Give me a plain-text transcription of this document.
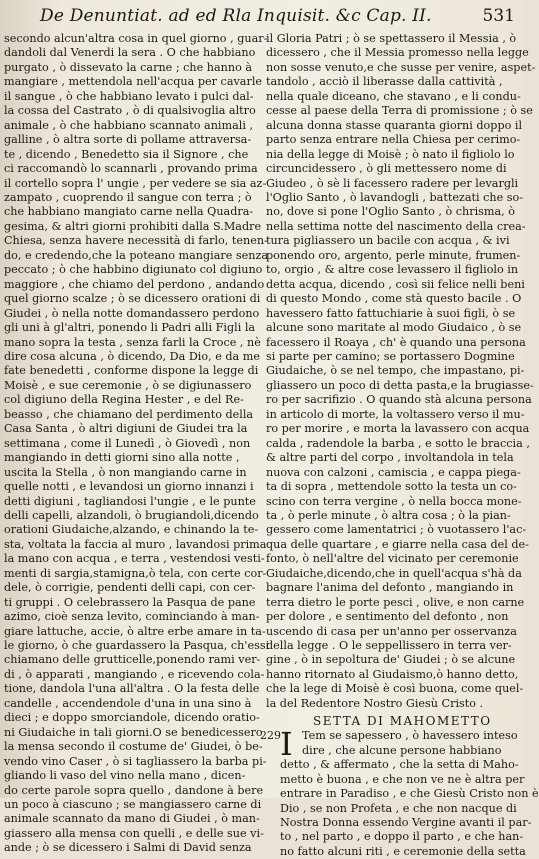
De Denuntiat. ad ed Rla Inquisit. &c Cap. II.	531
secondo alcun'altra cosa in quel giorno , guar-
dandoli dal Venerdi la sera . O che habbiano
purgato , ò dissevato la carne ; che hanno à
mangiare , mettendola nell'acqua per cavarle
il sangue , ò che habbiano levato i pulci dal-
la cossa del Castrato , ò di qualsivoglia altro
animale , ò che habbiano scannato animali ,
galline , ò altra sorte di pollame attraversa-
te , dicendo , Benedetto sia il Signore , che
ci raccomandò lo scannarli , provando prima
il cortello sopra l' ungie , per vedere se sia az-
zampato , cuoprendo il sangue con terra ; ò
che habbiano mangiato carne nella Quadra-
gesima, & altri giorni prohibiti dalla S.Madre
Chiesa, senza havere necessità di farlo, tenen-
do, e credendo,che la poteano mangiare senza
peccato ; ò che habbino digiunato col digiuno
maggiore , che chiamo del perdono , andando
quel giorno scalze ; ò se dicessero orationi di
Giudei , ò nella notte domandassero perdono
gli uni à gl'altri, ponendo li Padri alli Figli la
mano sopra la testa , senza farli la Croce , nè
dire cosa alcuna , ò dicendo, Da Dio, e da me
fate benedetti , conforme dispone la legge di
Moisè , e sue ceremonie , ò se digiunassero
col digiuno della Regina Hester , e del Re-
beasso , che chiamano del perdimento della
Casa Santa , ò altri digiuni de Giudei tra la
settimana , come il Lunedì , ò Giovedì , non
mangiando in detti giorni sino alla notte ,
uscita la Stella , ò non mangiando carne in
quelle notti , e levandosi un giorno innanzi i
detti digiuni , tagliandosi l'ungie , e le punte
delli capelli, alzandoli, ò brugiandoli,dicendo
orationi Giudaiche,alzando, e chinando la te-
sta, voltata la faccia al muro , lavandosi prima
la mano con acqua , e terra , vestendosi vesti-
menti di sargia,stamigna,ò tela, con certe cor-
dele, ò corrigie, pendenti delli capi, con cer-
ti gruppi . O celebrassero la Pasqua de pane
azimo, cioè senza levito, cominciando à man-
giare lattuche, accie, ò altre erbe amare in ta-
le giorno, ò che guardassero la Pasqua, ch'essi
chiamano delle grutticelle,ponendo rami ver-
di , ò apparati , mangiando , e ricevendo cola-
tione, dandola l'una all'altra . O la festa delle
candelle , accendendole d'una in una sino à
dieci ; e doppo smorciandole, dicendo oratio-
ni Giudaiche in tali giorni.O se benedicessero
la mensa secondo il costume de' Giudei, ò be-
vendo vino Caser , ò si tagliassero la barba pi-
gliando li vaso del vino nella mano , dicen-
do certe parole sopra quello , dandone à bere
un poco à ciascuno ; se mangiassero carne di
animale scannato da mano di Giudei , ò man-
giassero alla mensa con quelli , e delle sue vi-
ande ; ò se dicessero i Salmi di David senza
il Gloria Patri ; ò se spettassero il Messia , ò
dicessero , che il Messia promesso nella legge
non sosse venuto,e che susse per venire, aspet-
tandolo , acciò il liberasse dalla cattività ,
nella quale diceano, che stavano , e li condu-
cesse al paese della Terra di promissione ; ò se
alcuna donna stasse quaranta giorni doppo il
parto senza entrare nella Chiesa per cerimo-
nia della legge di Moisè ; ò nato il figliolo lo
circuncidessero , ò gli mettessero nome di
Giudeo , ò sè li facessero radere per levargli
l'Oglio Santo , ò lavandogli , battezati che so-
no, dove si pone l'Oglio Santo , ò chrisma, ò
nella settima notte del nascimento della crea-
tura pigliassero un bacile con acqua , & ivi
ponendo oro, argento, perle minute, frumen-
to, orgio , & altre cose levassero il figliolo in
detta acqua, dicendo , così sii felice nelli beni
di questo Mondo , come stà questo bacile . O
havessero fatto fattuchiarie à suoi figli, ò se
alcune sono maritate al modo Giudaico , ò se
facessero il Roaya , ch' è quando una persona
si parte per camino; se portassero Dogmine
Giudaiche, ò se nel tempo, che impastano, pi-
gliassero un poco di detta pasta,e la brugiasse-
ro per sacrifizio . O quando stà alcuna persona
in articolo di morte, la voltassero verso il mu-
ro per morire , e morta la lavassero con acqua
calda , radendole la barba , e sotto le braccia ,
& altre parti del corpo , involtandola in tela
nuova con calzoni , camiscia , e cappa piega-
ta di sopra , mettendole sotto la testa un co-
scino con terra vergine , ò nella bocca mone-
ta , ò perle minute , ò altra cosa ; ò la pian-
gessero come lamentatrici ; ò vuotassero l'ac-
qua delle quartare , e giarre nella casa del de-
fonto, ò nell'altre del vicinato per ceremonie
Giudaiche,dicendo,che in quell'acqua s'hà da
bagnare l'anima del defonto , mangiando in
terra dietro le porte pesci , olive, e non carne
per dolore , e sentimento del defonto , non
uscendo di casa per un'anno per osservanza
della legge . O le seppellissero in terra ver-
gine , ò in sepoltura de' Giudei ; ò se alcune
hanno ritornato al Giudaismo,ò hanno detto,
che la lege di Moisè è così buona, come quel-
la del Redentore Nostro Giesù Cristo .
SETTA DI MAHOMETTO
229 I Tem se sapessero , ò havessero inteso
dire , che alcune persone habbiano
detto , & affermato , che la setta di Maho-
metto è buona , e che non ve ne è altra per
entrare in Paradiso , e che Giesù Cristo non è
Dio , se non Profeta , e che non nacque di
Nostra Donna essendo Vergine avanti il par-
to , nel parto , e doppo il parto , e che han-
no fatto alcuni riti , e ceremonie della setta
